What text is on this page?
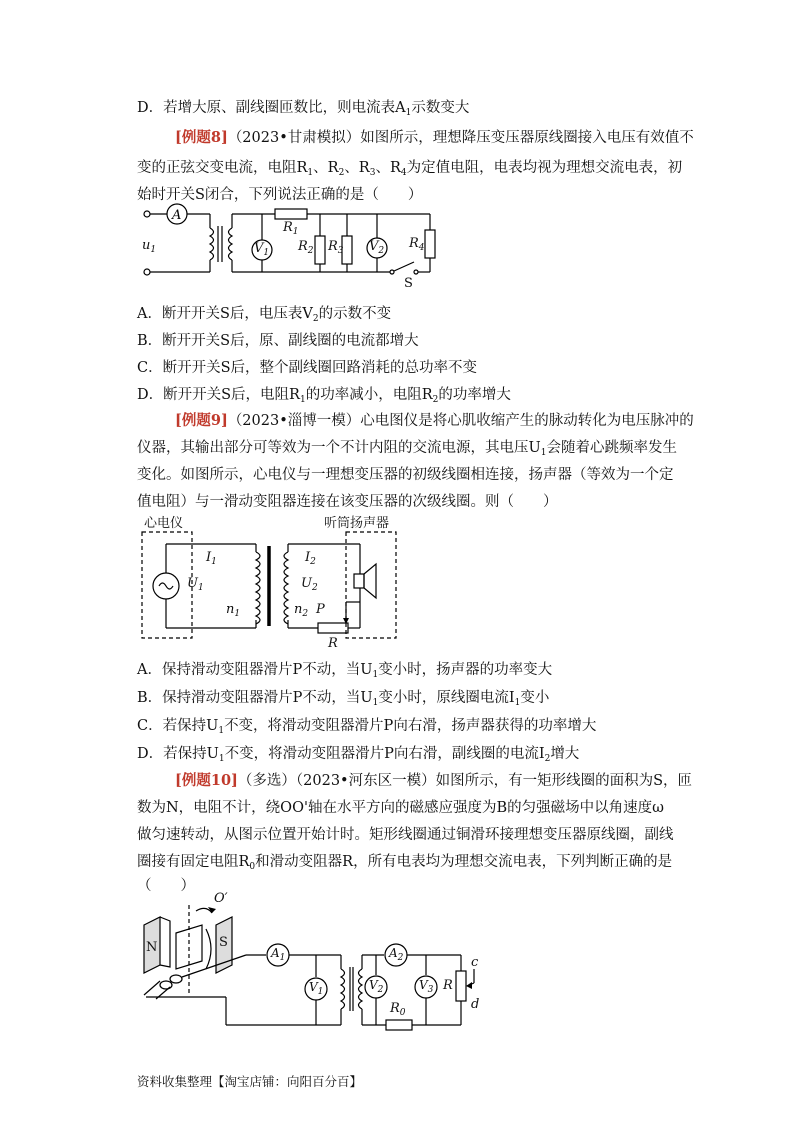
D．若增大原、副线圈匝数比，则电流表$A_1$示数变大
[例题8]（2023•甘肃模拟）如图所示，理想降压变压器原线圈接入电压有效值不
变的正弦交变电流，电阻$R_1$、$R_2$、$R_3$、$R_4$为定值电阻，电表均视为理想交流电表，初
始时开关S闭合，下列说法正确的是（　　）
A
$V_1$	$V_2$
$R_1$
$R_2$ $R_3$	$R_4$
$u_1$
S
A．断开开关S后，电压表$V_2$的示数不变
B．断开开关S后，原、副线圈的电流都增大
C．断开开关S后，整个副线圈回路消耗的总功率不变
D．断开开关S后，电阻$R_1$的功率减小，电阻$R_2$的功率增大
[例题9]（2023•淄博一模）心电图仪是将心肌收缩产生的脉动转化为电压脉冲的
仪器，其输出部分可等效为一个不计内阻的交流电源，其电压$U_1$会随着心跳频率发生
变化。如图所示，心电仪与一理想变压器的初级线圈相连接，扬声器（等效为一个定
值电阻）与一滑动变阻器连接在该变压器的次级线圈。则（　　）
心电仪	听筒扬声器
$I_1$
$U_1$
$n_1$
$I_2$
$U_2$
$n_2$ P
R
A．保持滑动变阻器滑片P不动，当$U_1$变小时，扬声器的功率变大
B．保持滑动变阻器滑片P不动，当$U_1$变小时，原线圈电流$I_1$变小
C．若保持$U_1$不变，将滑动变阻器滑片P向右滑，扬声器获得的功率增大
D．若保持$U_1$不变，将滑动变阻器滑片P向右滑，副线圈的电流$I_2$增大
[例题10]（多选）（2023•河东区一模）如图所示，有一矩形线圈的面积为S，匝
数为N，电阻不计，绕OO'轴在水平方向的磁感应强度为B的匀强磁场中以角速度ω
做匀速转动，从图示位置开始计时。矩形线圈通过铜滑环接理想变压器原线圈，副线
圈接有固定电阻$R_0$和滑动变阻器R，所有电表均为理想交流电表，下列判断正确的是
（　　）
N	S
O′
$A_1$	$A_2$
$V_1$	$V_2$	$V_3$ R
$R_0$
c
d
资料收集整理【淘宝店铺：向阳百分百】
